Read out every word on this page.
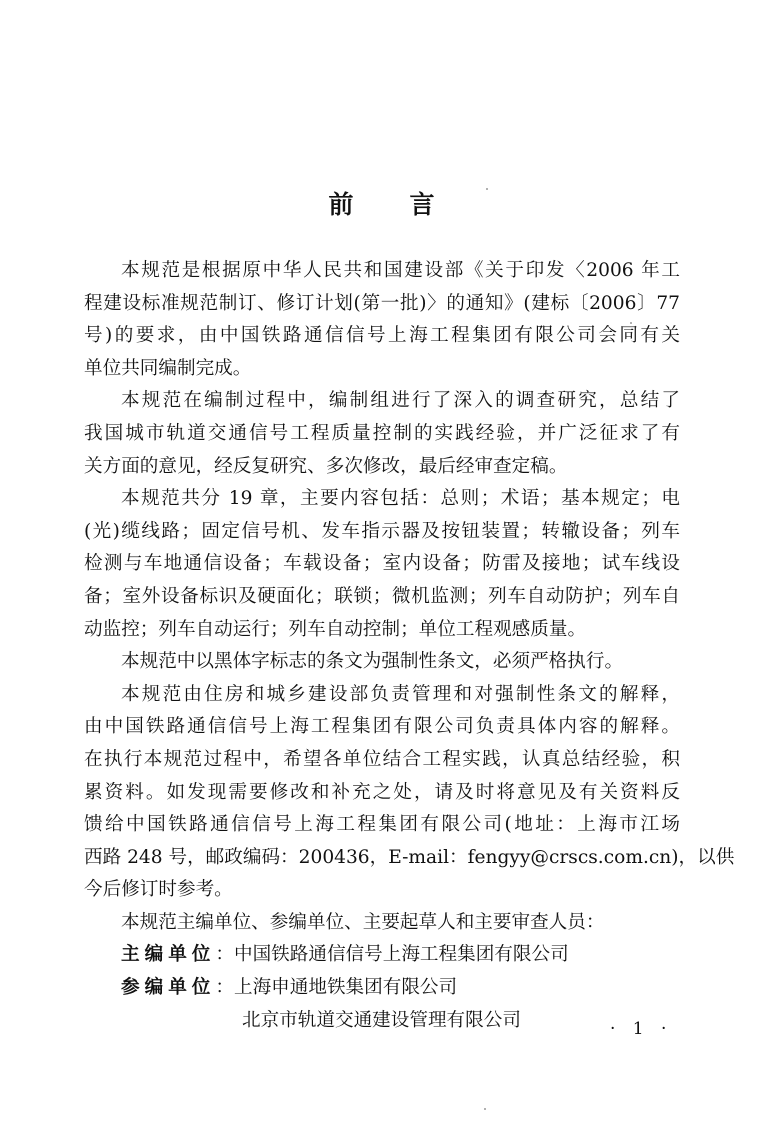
前 言
本规范是根据原中华人民共和国建设部《关于印发〈2006 年工
程建设标准规范制订、修订计划(第一批)〉的通知》(建标〔2006〕77
号)的要求，由中国铁路通信信号上海工程集团有限公司会同有关
单位共同编制完成。
本规范在编制过程中，编制组进行了深入的调查研究，总结了
我国城市轨道交通信号工程质量控制的实践经验，并广泛征求了有
关方面的意见，经反复研究、多次修改，最后经审查定稿。
本规范共分 19 章，主要内容包括：总则；术语；基本规定；电
(光)缆线路；固定信号机、发车指示器及按钮装置；转辙设备；列车
检测与车地通信设备；车载设备；室内设备；防雷及接地；试车线设
备；室外设备标识及硬面化；联锁；微机监测；列车自动防护；列车自
动监控；列车自动运行；列车自动控制；单位工程观感质量。
本规范中以黑体字标志的条文为强制性条文，必须严格执行。
本规范由住房和城乡建设部负责管理和对强制性条文的解释，
由中国铁路通信信号上海工程集团有限公司负责具体内容的解释。
在执行本规范过程中，希望各单位结合工程实践，认真总结经验，积
累资料。如发现需要修改和补充之处，请及时将意见及有关资料反
馈给中国铁路通信信号上海工程集团有限公司(地址：上海市江场
西路 248 号，邮政编码：200436，E-mail：fengyy@crscs.com.cn)，以供
今后修订时参考。
本规范主编单位、参编单位、主要起草人和主要审查人员：
主编单位：中国铁路通信信号上海工程集团有限公司
参编单位：上海申通地铁集团有限公司
北京市轨道交通建设管理有限公司	· 1 ·
